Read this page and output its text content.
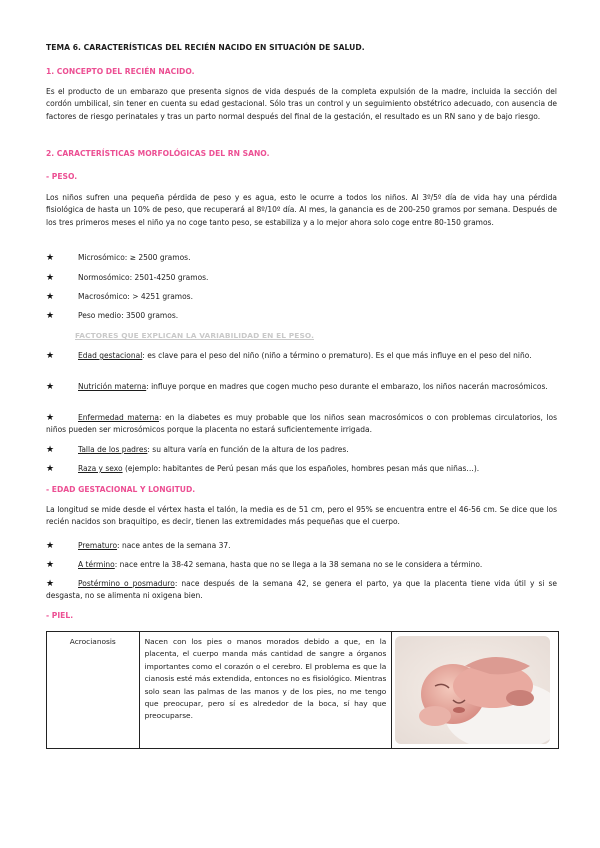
TEMA 6. CARACTERÍSTICAS DEL RECIÉN NACIDO EN SITUACIÓN DE SALUD.
1. CONCEPTO DEL RECIÉN NACIDO.
Es el producto de un embarazo que presenta signos de vida después de la completa expulsión de la madre, incluida la sección del cordón umbilical, sin tener en cuenta su edad gestacional. Sólo tras un control y un seguimiento obstétrico adecuado, con ausencia de factores de riesgo perinatales y tras un parto normal después del final de la gestación, el resultado es un RN sano y de bajo riesgo.
2. CARACTERÍSTICAS MORFOLÓGICAS DEL RN SANO.
- PESO.
Los niños sufren una pequeña pérdida de peso y es agua, esto le ocurre a todos los niños. Al 3º/5º día de vida hay una pérdida fisiológica de hasta un 10% de peso, que recuperará al 8º/10º día. Al mes, la ganancia es de 200-250 gramos por semana. Después de los tres primeros meses el niño ya no coge tanto peso, se estabiliza y a lo mejor ahora solo coge entre 80-150 gramos.
★	Microsómico: ≥ 2500 gramos.
★	Normosómico: 2501-4250 gramos.
★	Macrosómico: > 4251 gramos.
★	Peso medio: 3500 gramos.
FACTORES QUE EXPLICAN LA VARIABILIDAD EN EL PESO.
★	Edad gestacional: es clave para el peso del niño (niño a término o prematuro). Es el que más influye en el peso del niño.
★	Nutrición materna: influye porque en madres que cogen mucho peso durante el embarazo, los niños nacerán macrosómicos.
★	Enfermedad materna: en la diabetes es muy probable que los niños sean macrosómicos o con problemas circulatorios, los niños pueden ser microsómicos porque la placenta no estará suficientemente irrigada.
★	Talla de los padres: su altura varía en función de la altura de los padres.
★	Raza y sexo (ejemplo: habitantes de Perú pesan más que los españoles, hombres pesan más que niñas…).
- EDAD GESTACIONAL Y LONGITUD.
La longitud se mide desde el vértex hasta el talón, la media es de 51 cm, pero el 95% se encuentra entre el 46-56 cm. Se dice que los recién nacidos son braquitipo, es decir, tienen las extremidades más pequeñas que el cuerpo.
★	Prematuro: nace antes de la semana 37.
★	A término: nace entre la 38-42 semana, hasta que no se llega a la 38 semana no se le considera a término.
★	Postérmino o posmaduro: nace después de la semana 42, se genera el parto, ya que la placenta tiene vida útil y si se desgasta, no se alimenta ni oxigena bien.
- PIEL.
Acrocianosis	Nacen con los pies o manos morados debido a que, en la placenta, el cuerpo manda más cantidad de sangre a órganos importantes como el corazón o el cerebro. El problema es que la cianosis esté más extendida, entonces no es fisiológico. Mientras solo sean las palmas de las manos y de los pies, no me tengo que preocupar, pero sí es alrededor de la boca, sí hay que preocuparse.	
